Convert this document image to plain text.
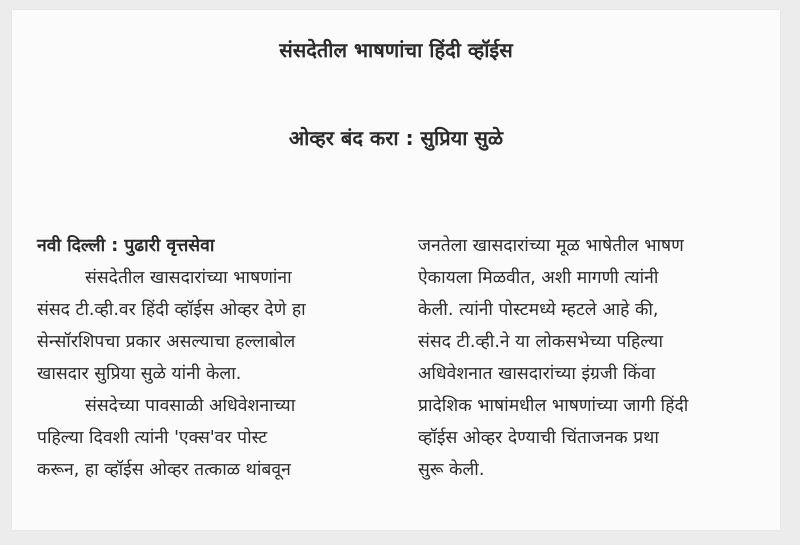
संसदेतील भाषणांचा हिंदी व्हॉईस
ओव्हर बंद करा : सुप्रिया सुळे
नवी दिल्ली : पुढारी वृत्तसेवा
संसदेतील खासदारांच्या भाषणांना
संसद टी.व्ही.वर हिंदी व्हॉईस ओव्हर देणे हा
सेन्सॉरशिपचा प्रकार असल्याचा हल्लाबोल
खासदार सुप्रिया सुळे यांनी केला.
संसदेच्या पावसाळी अधिवेशनाच्या
पहिल्या दिवशी त्यांनी 'एक्स'वर पोस्ट
करून, हा व्हॉईस ओव्हर तत्काळ थांबवून
जनतेला खासदारांच्या मूळ भाषेतील भाषण
ऐकायला मिळवीत, अशी मागणी त्यांनी
केली. त्यांनी पोस्टमध्ये म्हटले आहे की,
संसद टी.व्ही.ने या लोकसभेच्या पहिल्या
अधिवेशनात खासदारांच्या इंग्रजी किंवा
प्रादेशिक भाषांमधील भाषणांच्या जागी हिंदी
व्हॉईस ओव्हर देण्याची चिंताजनक प्रथा
सुरू केली.
